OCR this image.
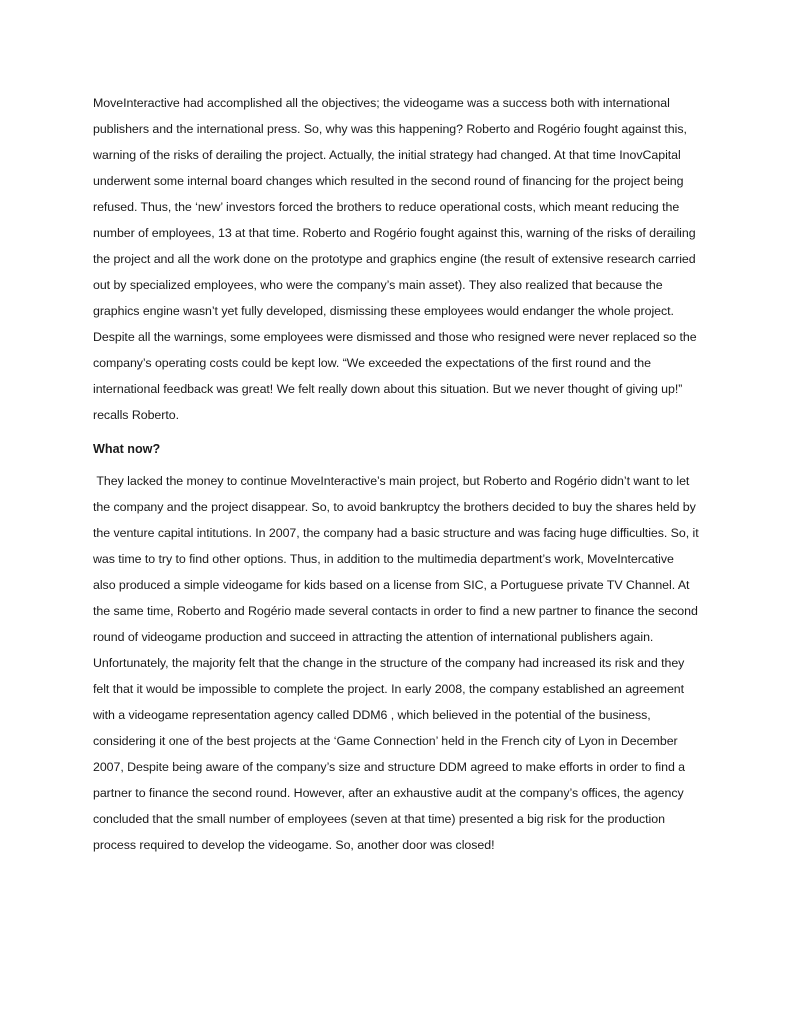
MoveInteractive had accomplished all the objectives; the videogame was a success both with international publishers and the international press. So, why was this happening? Roberto and Rogério fought against this, warning of the risks of derailing the project. Actually, the initial strategy had changed. At that time InovCapital underwent some internal board changes which resulted in the second round of financing for the project being refused. Thus, the ‘new’ investors forced the brothers to reduce operational costs, which meant reducing the number of employees, 13 at that time. Roberto and Rogério fought against this, warning of the risks of derailing the project and all the work done on the prototype and graphics engine (the result of extensive research carried out by specialized employees, who were the company’s main asset). They also realized that because the graphics engine wasn’t yet fully developed, dismissing these employees would endanger the whole project. Despite all the warnings, some employees were dismissed and those who resigned were never replaced so the company’s operating costs could be kept low. “We exceeded the expectations of the first round and the international feedback was great! We felt really down about this situation. But we never thought of giving up!” recalls Roberto.

What now?

They lacked the money to continue MoveInteractive’s main project, but Roberto and Rogério didn’t want to let the company and the project disappear. So, to avoid bankruptcy the brothers decided to buy the shares held by the venture capital intitutions. In 2007, the company had a basic structure and was facing huge difficulties. So, it was time to try to find other options. Thus, in addition to the multimedia department’s work, MoveIntercative also produced a simple videogame for kids based on a license from SIC, a Portuguese private TV Channel. At the same time, Roberto and Rogério made several contacts in order to find a new partner to finance the second round of videogame production and succeed in attracting the attention of international publishers again. Unfortunately, the majority felt that the change in the structure of the company had increased its risk and they felt that it would be impossible to complete the project. In early 2008, the company established an agreement with a videogame representation agency called DDM6 , which believed in the potential of the business, considering it one of the best projects at the ‘Game Connection’ held in the French city of Lyon in December 2007, Despite being aware of the company’s size and structure DDM agreed to make efforts in order to find a partner to finance the second round. However, after an exhaustive audit at the company’s offices, the agency concluded that the small number of employees (seven at that time) presented a big risk for the production process required to develop the videogame. So, another door was closed!
